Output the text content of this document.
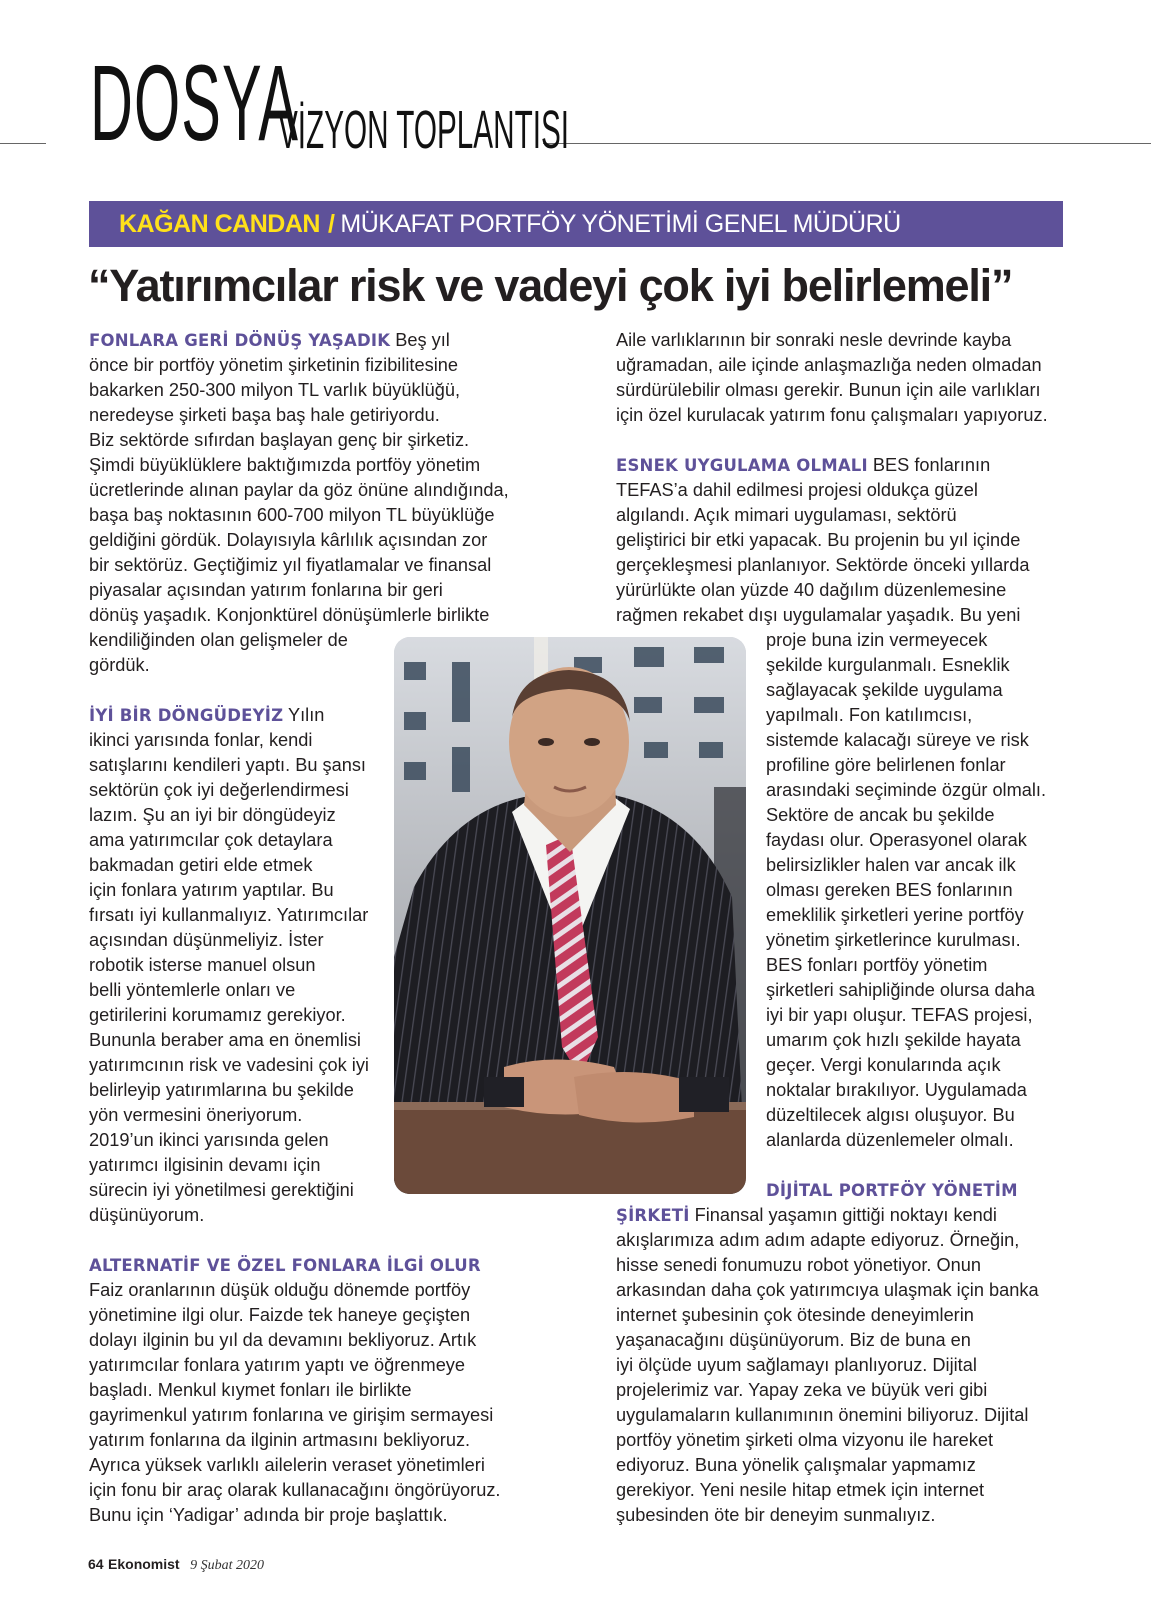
DOSYA
VİZYON TOPLANTISI
KAĞAN CANDAN / MÜKAFAT PORTFÖY YÖNETİMİ GENEL MÜDÜRÜ
“Yatırımcılar risk ve vadeyi çok iyi belirlemeli”

FONLARA GERİ DÖNÜŞ YAŞADIK Beş yıl
önce bir portföy yönetim şirketinin fizibilitesine
bakarken 250-300 milyon TL varlık büyüklüğü,
neredeyse şirketi başa baş hale getiriyordu.
Biz sektörde sıfırdan başlayan genç bir şirketiz.
Şimdi büyüklüklere baktığımızda portföy yönetim
ücretlerinde alınan paylar da göz önüne alındığında,
başa baş noktasının 600-700 milyon TL büyüklüğe
geldiğini gördük. Dolayısıyla kârlılık açısından zor
bir sektörüz. Geçtiğimiz yıl fiyatlamalar ve finansal
piyasalar açısından yatırım fonlarına bir geri
dönüş yaşadık. Konjonktürel dönüşümlerle birlikte
kendiliğinden olan gelişmeler de
gördük.

İYİ BİR DÖNGÜDEYİZ Yılın
ikinci yarısında fonlar, kendi
satışlarını kendileri yaptı. Bu şansı
sektörün çok iyi değerlendirmesi
lazım. Şu an iyi bir döngüdeyiz
ama yatırımcılar çok detaylara
bakmadan getiri elde etmek
için fonlara yatırım yaptılar. Bu
fırsatı iyi kullanmalıyız. Yatırımcılar
açısından düşünmeliyiz. İster
robotik isterse manuel olsun
belli yöntemlerle onları ve
getirilerini korumamız gerekiyor.
Bununla beraber ama en önemlisi
yatırımcının risk ve vadesini çok iyi
belirleyip yatırımlarına bu şekilde
yön vermesini öneriyorum.
2019’un ikinci yarısında gelen
yatırımcı ilgisinin devamı için
sürecin iyi yönetilmesi gerektiğini
düşünüyorum.

ALTERNATİF VE ÖZEL FONLARA İLGİ OLUR
Faiz oranlarının düşük olduğu dönemde portföy
yönetimine ilgi olur. Faizde tek haneye geçişten
dolayı ilginin bu yıl da devamını bekliyoruz. Artık
yatırımcılar fonlara yatırım yaptı ve öğrenmeye
başladı. Menkul kıymet fonları ile birlikte
gayrimenkul yatırım fonlarına ve girişim sermayesi
yatırım fonlarına da ilginin artmasını bekliyoruz.
Ayrıca yüksek varlıklı ailelerin veraset yönetimleri
için fonu bir araç olarak kullanacağını öngörüyoruz.
Bunu için ‘Yadigar’ adında bir proje başlattık.

Aile varlıklarının bir sonraki nesle devrinde kayba
uğramadan, aile içinde anlaşmazlığa neden olmadan
sürdürülebilir olması gerekir. Bunun için aile varlıkları
için özel kurulacak yatırım fonu çalışmaları yapıyoruz.

ESNEK UYGULAMA OLMALI BES fonlarının
TEFAS’a dahil edilmesi projesi oldukça güzel
algılandı. Açık mimari uygulaması, sektörü
geliştirici bir etki yapacak. Bu projenin bu yıl içinde
gerçekleşmesi planlanıyor. Sektörde önceki yıllarda
yürürlükte olan yüzde 40 dağılım düzenlemesine
rağmen rekabet dışı uygulamalar yaşadık. Bu yeni

proje buna izin vermeyecek
şekilde kurgulanmalı. Esneklik
sağlayacak şekilde uygulama
yapılmalı. Fon katılımcısı,
sistemde kalacağı süreye ve risk
profiline göre belirlenen fonlar
arasındaki seçiminde özgür olmalı.
Sektöre de ancak bu şekilde
faydası olur. Operasyonel olarak
belirsizlikler halen var ancak ilk
olması gereken BES fonlarının
emeklilik şirketleri yerine portföy
yönetim şirketlerince kurulması.
BES fonları portföy yönetim
şirketleri sahipliğinde olursa daha
iyi bir yapı oluşur. TEFAS projesi,
umarım çok hızlı şekilde hayata
geçer. Vergi konularında açık
noktalar bırakılıyor. Uygulamada
düzeltilecek algısı oluşuyor. Bu
alanlarda düzenlemeler olmalı.

DİJİTAL PORTFÖY YÖNETİM

ŞİRKETİ Finansal yaşamın gittiği noktayı kendi
akışlarımıza adım adım adapte ediyoruz. Örneğin,
hisse senedi fonumuzu robot yönetiyor. Onun
arkasından daha çok yatırımcıya ulaşmak için banka
internet şubesinin çok ötesinde deneyimlerin
yaşanacağını düşünüyorum. Biz de buna en
iyi ölçüde uyum sağlamayı planlıyoruz. Dijital
projelerimiz var. Yapay zeka ve büyük veri gibi
uygulamaların kullanımının önemini biliyoruz. Dijital
portföy yönetim şirketi olma vizyonu ile hareket
ediyoruz. Buna yönelik çalışmalar yapmamız
gerekiyor. Yeni nesile hitap etmek için internet
şubesinden öte bir deneyim sunmalıyız.

64 Ekonomist 9 Şubat 2020
